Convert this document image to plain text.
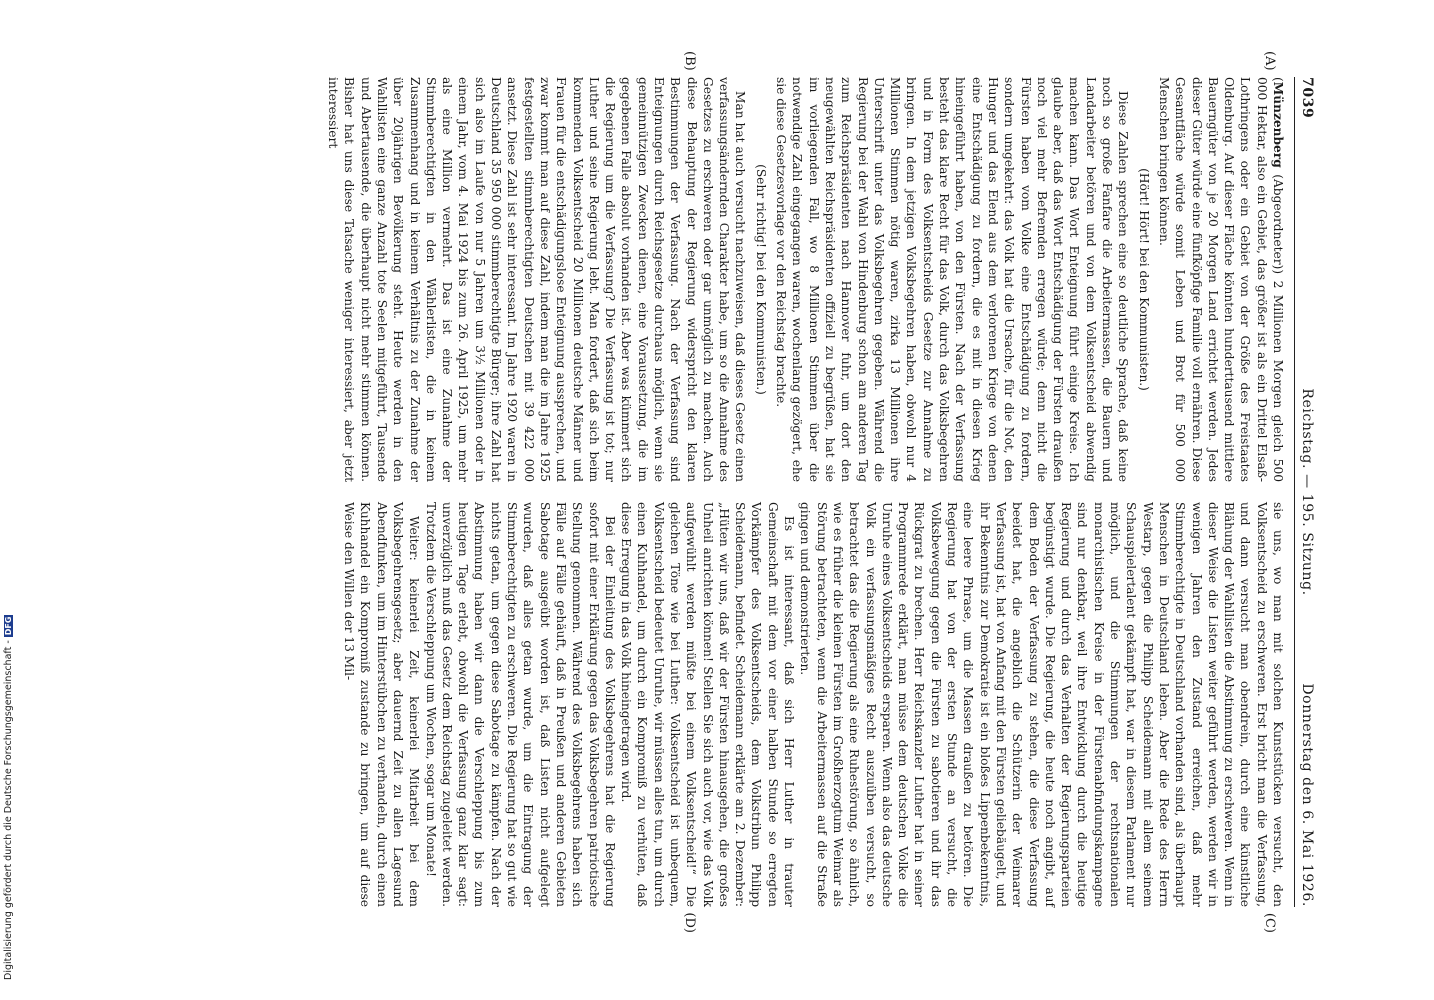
7039
Reichstag. — 195. Sitzung.
Donnerstag den 6. Mai 1926.
(A)
(B)
(C)
(D)

(Münzenberg (Abgeordneter)) 2 Millionen Morgen gleich 500 000 Hektar, also ein Gebiet, das größer ist als ein Drittel Elsaß-Lothringens oder ein Gebiet von der Größe des Freistaates Oldenburg. Auf dieser Fläche könnten hunderttausend mittlere Bauerngüter von je 20 Morgen Land errichtet werden. Jedes dieser Güter würde eine fünfköpfige Familie voll ernähren. Diese Gesamtfläche würde somit Leben und Brot für 500 000 Menschen bringen können.

(Hört! Hört! bei den Kommunisten.)

Diese Zahlen sprechen eine so deutliche Sprache, daß keine noch so große Fanfare die Arbeitermassen, die Bauern und Landarbeiter betören und von dem Volksentscheid abwendig machen kann. Das Wort Enteignung führt einige Kreise. Ich glaube aber, daß das Wort Entschädigung der Fürsten draußen noch viel mehr Befremden erregen würde; denn nicht die Fürsten haben vom Volke eine Entschädigung zu fordern, sondern umgekehrt: das Volk hat die Ursache, für die Not, den Hunger und das Elend aus dem verlorenen Kriege von denen eine Entschädigung zu fordern, die es mit in diesen Krieg hineingeführt haben, von den Fürsten. Nach der Verfassung besteht das klare Recht für das Volk, durch das Volksbegehren und in Form des Volksentscheids Gesetze zur Annahme zu bringen. In dem jetzigen Volksbegehren haben, obwohl nur 4 Millionen Stimmen nötig waren, zirka 13 Millionen ihre Unterschrift unter das Volksbegehren gegeben. Während die Regierung bei der Wahl von Hindenburg schon am anderen Tag zum Reichspräsidenten nach Hannover fuhr, um dort den neugewählten Reichspräsidenten offiziell zu begrüßen, hat sie im vorliegenden Fall, wo 8 Millionen Stimmen über die notwendige Zahl eingegangen waren, wochenlang gezögert, ehe sie diese Gesetzesvorlage vor den Reichstag brachte.

(Sehr richtig! bei den Kommunisten.)

Man hat auch versucht nachzuweisen, daß dieses Gesetz einen verfassungsändernden Charakter habe, um so die Annahme des Gesetzes zu erschweren oder gar unmöglich zu machen. Auch diese Behauptung der Regierung widerspricht den klaren Bestimmungen der Verfassung. Nach der Verfassung sind Enteignungen durch Reichsgesetze durchaus möglich, wenn sie gemeinnützigen Zwecken dienen, eine Voraussetzung, die im gegebenen Falle absolut vorhanden ist. Aber was kümmert sich die Regierung um die Verfassung? Die Verfassung ist tot; nur Luther und seine Regierung lebt. Man fordert, daß sich beim kommenden Volksentscheid 20 Millionen deutsche Männer und Frauen für die entschädigungslose Enteignung aussprechen, und zwar kommt man auf diese Zahl, indem man die im Jahre 1925 festgestellten stimmberechtigten Deutschen mit 39 422 000 ansetzt. Diese Zahl ist sehr interessant. Im Jahre 1920 waren in Deutschland 35 950 000 stimmberechtigte Bürger; ihre Zahl hat sich also im Laufe von nur 5 Jahren um 3½ Millionen oder in einem Jahr, vom 4. Mai 1924 bis zum 26. April 1925, um mehr als eine Million vermehrt. Das ist eine Zunahme der Stimmberechtigten in den Wählerlisten, die in keinem Zusammenhang und in keinem Verhältnis zu der Zunahme der über 20jährigen Bevölkerung steht. Heute werden in den Wahllisten eine ganze Anzahl tote Seelen mitgeführt, Tausende und Abertausende, die überhaupt nicht mehr stimmen können. Bisher hat uns diese Tatsache weniger interessiert, aber jetzt interessiert

sie uns, wo man mit solchen Kunststücken versucht, den Volksentscheid zu erschweren. Erst bricht man die Verfassung, und dann versucht man obendrein, durch eine künstliche Blähung der Wahllisten die Abstimmung zu erschweren. Wenn in dieser Weise die Listen weiter geführt werden, werden wir in wenigen Jahren den Zustand erreichen, daß mehr Stimmberechtigte in Deutschland vorhanden sind, als überhaupt Menschen in Deutschland leben. Aber die Rede des Herrn Westarp, gegen die Philipp Scheidemann mit allem seinem Schauspielertalent gekämpft hat, war in diesem Parlament nur möglich, und die Stimmungen der rechtsnationalen monarchistischen Kreise in der Fürstenabfindungskampagne sind nur denkbar, weil ihre Entwicklung durch die heutige Regierung und durch das Verhalten der Regierungsparteien begünstigt wurde. Die Regierung, die heute noch angibt, auf dem Boden der Verfassung zu stehen, die diese Verfassung beeidet hat, die angeblich die Schützerin der Weimarer Verfassung ist, hat von Anfang mit den Fürsten geliebäugelt, und ihr Bekenntnis zur Demokratie ist ein bloßes Lippenbekenntnis, eine leere Phrase, um die Massen draußen zu betören. Die Regierung hat von der ersten Stunde an versucht, die Volksbewegung gegen die Fürsten zu sabotieren und ihr das Rückgrat zu brechen. Herr Reichskanzler Luther hat in seiner Programmrede erklärt, man müsse dem deutschen Volke die Unruhe eines Volksentscheids ersparen. Wenn also das deutsche Volk ein verfassungsmäßiges Recht auszuüben versucht, so betrachtet das die Regierung als eine Ruhestörung, so ähnlich, wie es früher die kleinen Fürsten im Großherzogtum Weimar als Störung betrachteten, wenn die Arbeitermassen auf die Straße gingen und demonstrierten.

Es ist interessant, daß sich Herr Luther in trauter Gemeinschaft mit dem vor einer halben Stunde so erregten Vorkämpfer des Volksentscheids, dem Volkstribun Philipp Scheidemann, befindet. Scheidemann erklärte am 2. Dezember: „Hüten wir uns, daß wir der Fürsten hinausgehen, die großes Unheil anrichten können! Stellen Sie sich auch vor, wie das Volk aufgewühlt werden müßte bei einem Volksentscheid!“ Die gleichen Töne wie bei Luther: Volksentscheid ist unbequem, Volksentscheid bedeutet Unruhe, wir müssen alles tun, um durch einen Kuhhandel, um durch ein Kompromiß zu verhüten, daß diese Erregung in das Volk hineingetragen wird.

Bei der Einleitung des Volksbegehrens hat die Regierung sofort mit einer Erklärung gegen das Volksbegehren patriotische Stellung genommen. Während des Volksbegehrens haben sich Fälle auf Fälle gehäuft, daß in Preußen und anderen Gebieten Sabotage ausgeübt worden ist, daß Listen nicht aufgelegt wurden, daß alles getan wurde, um die Eintragung der Stimmberechtigten zu erschweren. Die Regierung hat so gut wie nichts getan, um gegen diese Sabotage zu kämpfen. Nach der Abstimmung haben wir dann die Verschleppung bis zum heutigen Tage erlebt, obwohl die Verfassung ganz klar sagt: unverzüglich muß das Gesetz dem Reichstag zugeleitet werden. Trotzdem die Verschleppung um Wochen, sogar um Monate!

Weiter: keinerlei Zeit, keinerlei Mitarbeit bei dem Volksbegehrensgesetz; aber dauernd Zeit zu allen Lagesund Abendfunken, um im Hinterstübchen zu verhandeln, durch einen Kuhhandel ein Kompromiß zustande zu bringen, um auf diese Weise den Willen der 13 Mil-

Digitalisierung gefördert durch die Deutsche Forschungsgemeinschaft -DFG
